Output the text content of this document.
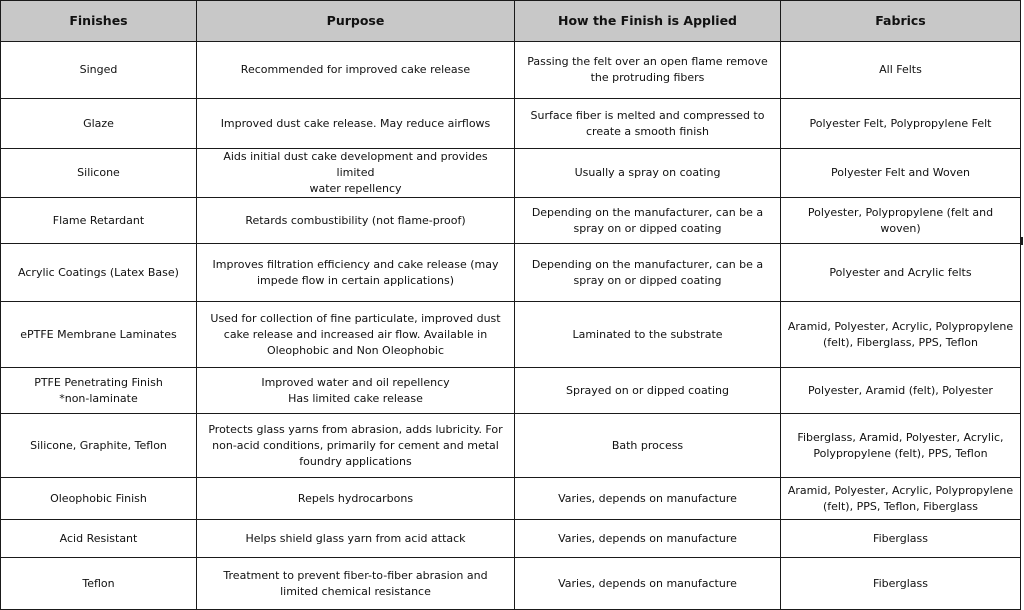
Finishes	Purpose	How the Finish is Applied	Fabrics

Singed	Recommended for improved cake release	Passing the felt over an open flame remove
the protruding fibers	All Felts

Glaze	Improved dust cake release. May reduce airflows	Surface fiber is melted and compressed to
create a smooth finish	Polyester Felt, Polypropylene Felt

Silicone	Aids initial dust cake development and provides limited
water repellency	Usually a spray on coating	Polyester Felt and Woven

Flame Retardant	Retards combustibility (not flame-proof)	Depending on the manufacturer, can be a
spray on or dipped coating	Polyester, Polypropylene (felt and woven)

Acrylic Coatings (Latex Base)	Improves filtration efficiency and cake release (may
impede flow in certain applications)	Depending on the manufacturer, can be a
spray on or dipped coating	Polyester and Acrylic felts

ePTFE Membrane Laminates	Used for collection of fine particulate, improved dust
cake release and increased air flow. Available in
Oleophobic and Non Oleophobic	Laminated to the substrate	Aramid, Polyester, Acrylic, Polypropylene
(felt), Fiberglass, PPS, Teflon

PTFE Penetrating Finish
*non-laminate	Improved water and oil repellency
Has limited cake release	Sprayed on or dipped coating	Polyester, Aramid (felt), Polyester

Silicone, Graphite, Teflon	Protects glass yarns from abrasion, adds lubricity. For
non-acid conditions, primarily for cement and metal
foundry applications	Bath process	Fiberglass, Aramid, Polyester, Acrylic,
Polypropylene (felt), PPS, Teflon

Oleophobic Finish	Repels hydrocarbons	Varies, depends on manufacture	Aramid, Polyester, Acrylic, Polypropylene
(felt), PPS, Teflon, Fiberglass

Acid Resistant	Helps shield glass yarn from acid attack	Varies, depends on manufacture	Fiberglass

Teflon	Treatment to prevent fiber-to-fiber abrasion and
limited chemical resistance	Varies, depends on manufacture	Fiberglass
